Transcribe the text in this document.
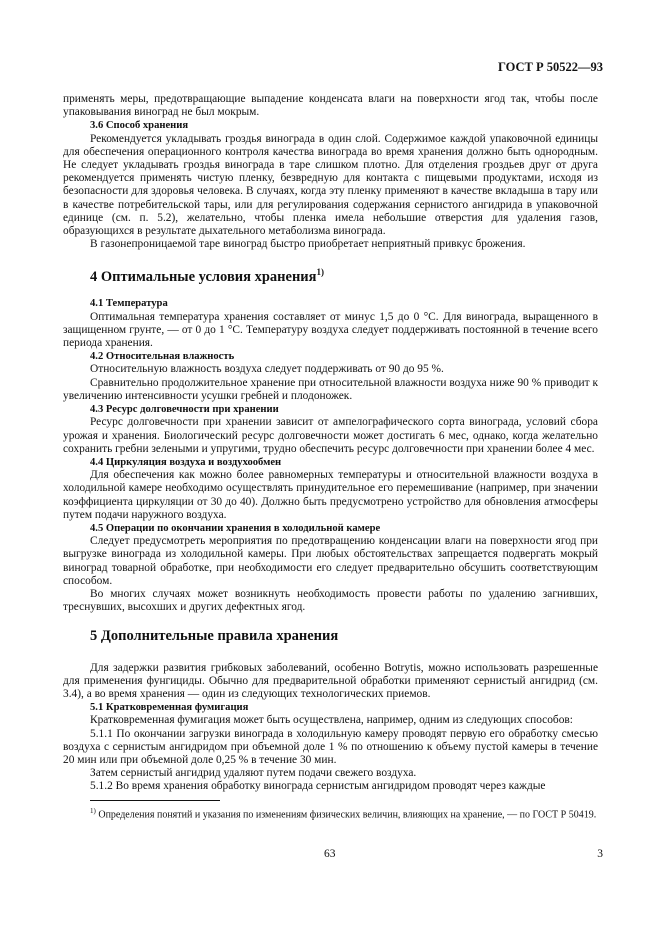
ГОСТ Р 50522—93

применять меры, предотвращающие выпадение конденсата влаги на поверхности ягод так, чтобы после упаковывания виноград не был мокрым.

3.6 Способ хранения

Рекомендуется укладывать гроздья винограда в один слой. Содержимое каждой упаковочной единицы для обеспечения операционного контроля качества винограда во время хранения должно быть однородным. Не следует укладывать гроздья винограда в таре слишком плотно. Для отделения гроздьев друг от друга рекомендуется применять чистую пленку, безвредную для контакта с пищевыми продуктами, исходя из безопасности для здоровья человека. В случаях, когда эту пленку применяют в качестве вкладыша в тару или в качестве потребительской тары, или для регулирования содержания сернистого ангидрида в упаковочной единице (см. п. 5.2), желательно, чтобы пленка имела небольшие отверстия для удаления газов, образующихся в результате дыхательного метаболизма винограда.

В газонепроницаемой таре виноград быстро приобретает неприятный привкус брожения.

4 Оптимальные условия хранения$^{1)}$

4.1 Температура

Оптимальная температура хранения составляет от минус 1,5 до 0 °С. Для винограда, выращенного в защищенном грунте, — от 0 до 1 °С. Температуру воздуха следует поддерживать постоянной в течение всего периода хранения.

4.2 Относительная влажность

Относительную влажность воздуха следует поддерживать от 90 до 95 %.

Сравнительно продолжительное хранение при относительной влажности воздуха ниже 90 % приводит к увеличению интенсивности усушки гребней и плодоножек.

4.3 Ресурс долговечности при хранении

Ресурс долговечности при хранении зависит от ампелографического сорта винограда, условий сбора урожая и хранения. Биологический ресурс долговечности может достигать 6 мес, однако, когда желательно сохранить гребни зелеными и упругими, трудно обеспечить ресурс долговечности при хранении более 4 мес.

4.4 Циркуляция воздуха и воздухообмен

Для обеспечения как можно более равномерных температуры и относительной влажности воздуха в холодильной камере необходимо осуществлять принудительное его перемешивание (например, при значении коэффициента циркуляции от 30 до 40). Должно быть предусмотрено устройство для обновления атмосферы путем подачи наружного воздуха.

4.5 Операции по окончании хранения в холодильной камере

Следует предусмотреть мероприятия по предотвращению конденсации влаги на поверхности ягод при выгрузке винограда из холодильной камеры. При любых обстоятельствах запрещается подвергать мокрый виноград товарной обработке, при необходимости его следует предварительно обсушить соответствующим способом.

Во многих случаях может возникнуть необходимость провести работы по удалению загнивших, треснувших, высохших и других дефектных ягод.

5 Дополнительные правила хранения

Для задержки развития грибковых заболеваний, особенно Botrytis, можно использовать разрешенные для применения фунгициды. Обычно для предварительной обработки применяют сернистый ангидрид (см. 3.4), а во время хранения — один из следующих технологических приемов.

5.1 Кратковременная фумигация

Кратковременная фумигация может быть осуществлена, например, одним из следующих способов:

5.1.1 По окончании загрузки винограда в холодильную камеру проводят первую его обработку смесью воздуха с сернистым ангидридом при объемной доле 1 % по отношению к объему пустой камеры в течение 20 мин или при объемной доле 0,25 % в течение 30 мин.

Затем сернистый ангидрид удаляют путем подачи свежего воздуха.

5.1.2 Во время хранения обработку винограда сернистым ангидридом проводят через каждые

$^{1)}$ Определения понятий и указания по изменениям физических величин, влияющих на хранение, — по ГОСТ Р 50419.

63	3
